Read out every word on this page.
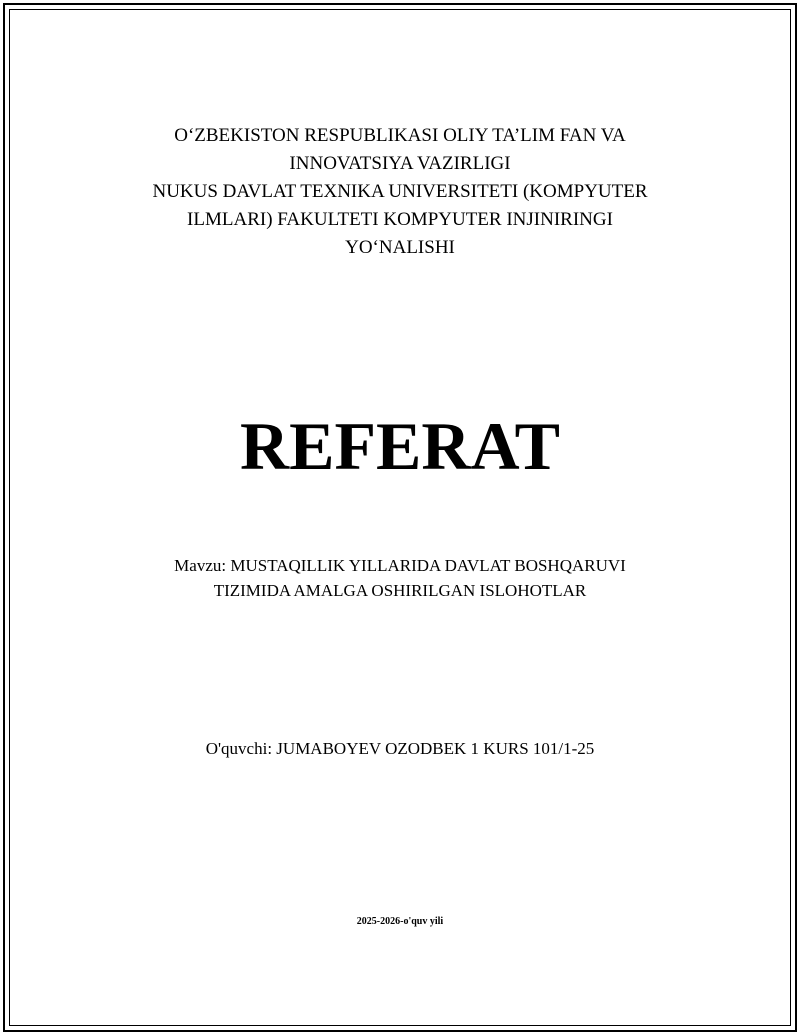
O‘ZBEKISTON RESPUBLIKASI OLIY TA’LIM FAN VA
INNOVATSIYA VAZIRLIGI
NUKUS DAVLAT TEXNIKA UNIVERSITETI (KOMPYUTER
ILMLARI) FAKULTETI KOMPYUTER INJINIRINGI
YO‘NALISHI
REFERAT
Mavzu: MUSTAQILLIK YILLARIDA DAVLAT BOSHQARUVI
TIZIMIDA AMALGA OSHIRILGAN ISLOHOTLAR
O'quvchi: JUMABOYEV OZODBEK 1 KURS 101/1-25
2025-2026-o'quv yili
